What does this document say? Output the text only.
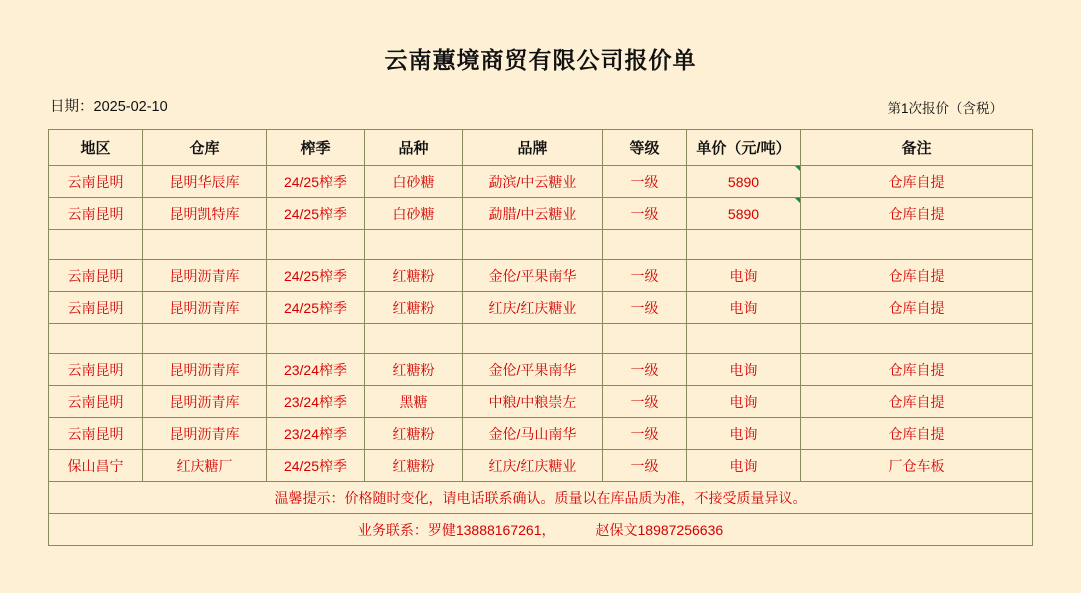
云南蕙境商贸有限公司报价单
日期：2025-02-10	第1次报价（含税）
地区	仓库	榨季	品种	品牌	等级	单价（元/吨）	备注
云南昆明	昆明华辰库	24/25榨季	白砂糖	勐滨/中云糖业	一级	5890	仓库自提
云南昆明	昆明凯特库	24/25榨季	白砂糖	勐腊/中云糖业	一级	5890	仓库自提

云南昆明	昆明沥青库	24/25榨季	红糖粉	金伦/平果南华	一级	电询	仓库自提
云南昆明	昆明沥青库	24/25榨季	红糖粉	红庆/红庆糖业	一级	电询	仓库自提

云南昆明	昆明沥青库	23/24榨季	红糖粉	金伦/平果南华	一级	电询	仓库自提
云南昆明	昆明沥青库	23/24榨季	黑糖	中粮/中粮崇左	一级	电询	仓库自提
云南昆明	昆明沥青库	23/24榨季	红糖粉	金伦/马山南华	一级	电询	仓库自提
保山昌宁	红庆糖厂	24/25榨季	红糖粉	红庆/红庆糖业	一级	电询	厂仓车板
温馨提示：价格随时变化，请电话联系确认。质量以在库品质为准，不接受质量异议。							
业务联系：罗健13888167261， 赵保文18987256636							
